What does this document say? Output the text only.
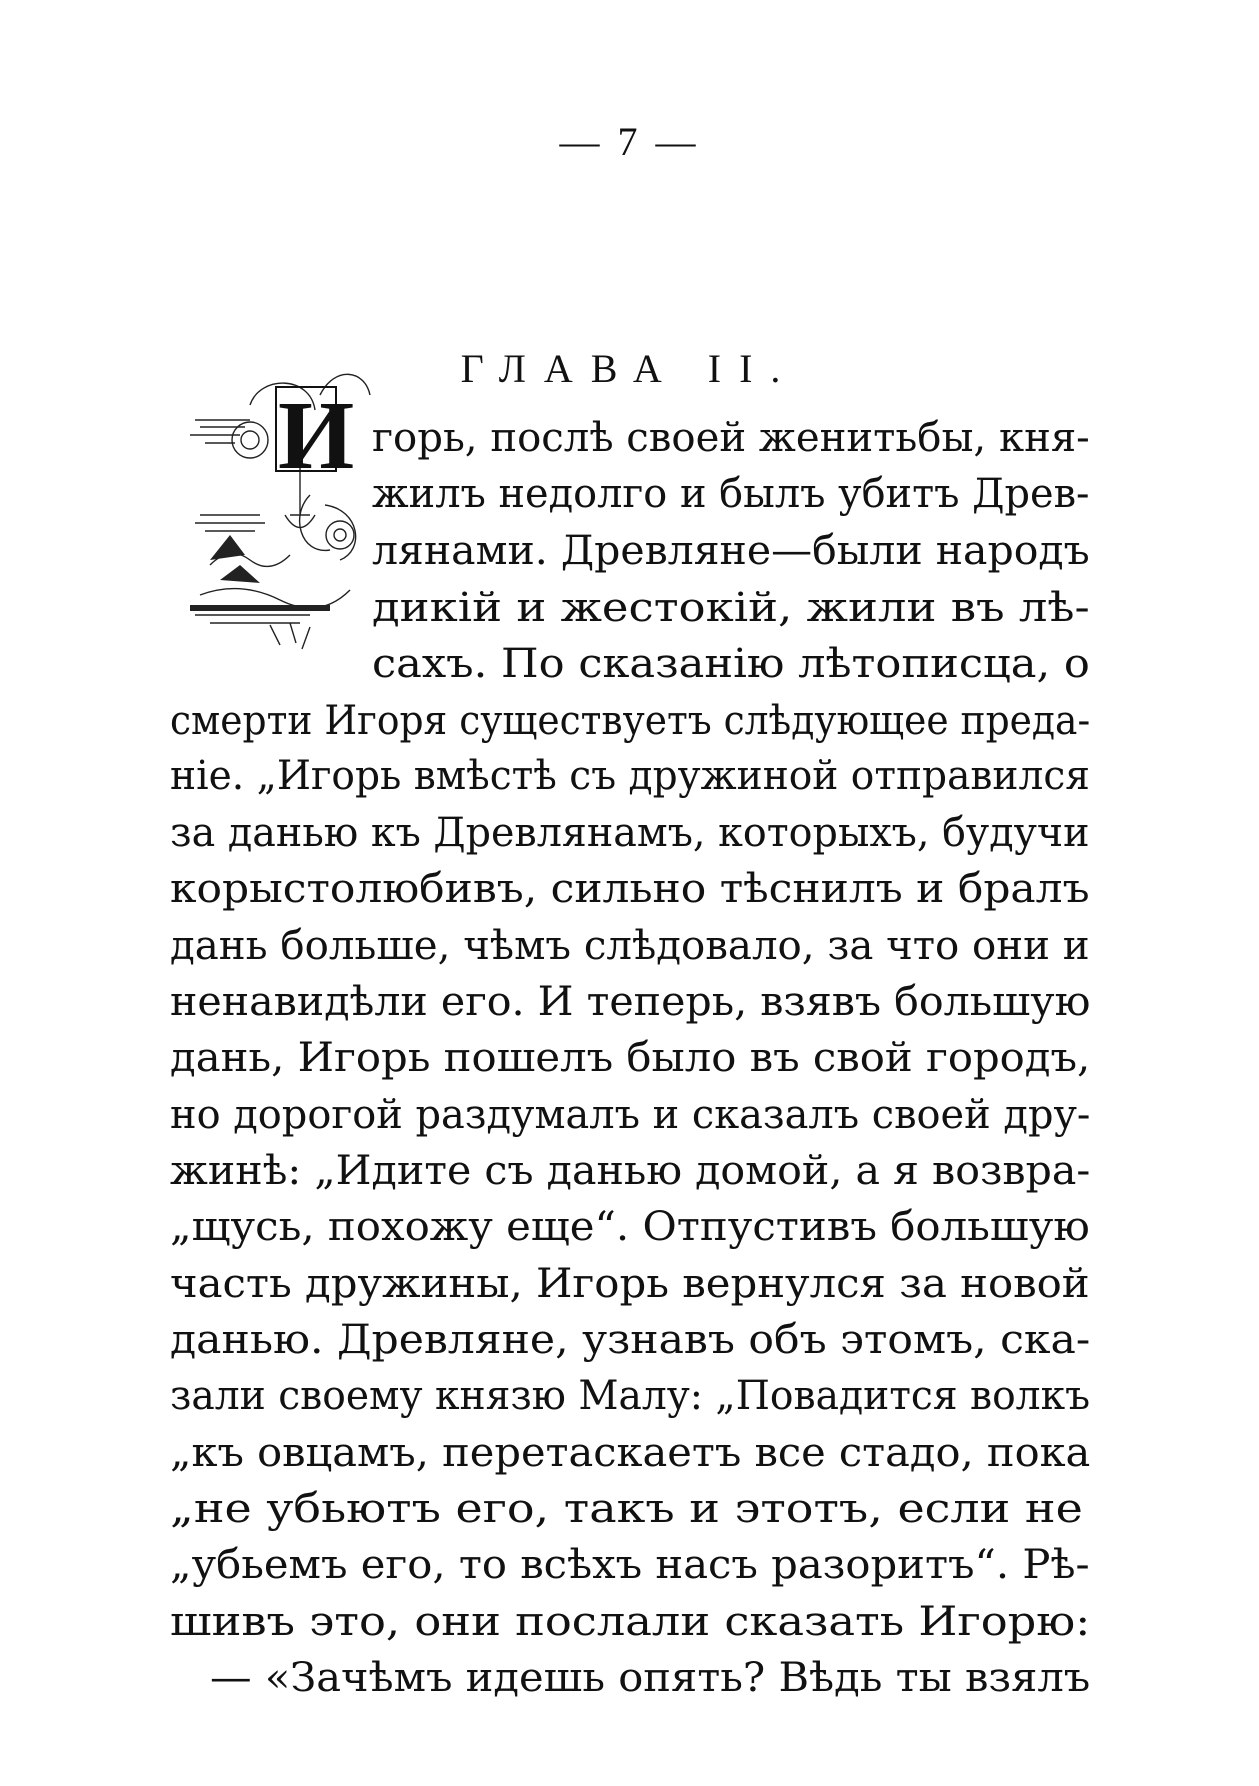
— 7 —
ГЛАВА II.
И горь, послѣ своей женитьбы, кня-
жилъ недолго и былъ убитъ Древ-
лянами. Древляне—были народъ
дикій и жестокій, жили въ лѣ-
сахъ. По сказанію лѣтописца, о
смерти Игоря существуетъ слѣдующее преда-
ніе. „Игорь вмѣстѣ съ дружиной отправился
за данью къ Древлянамъ, которыхъ, будучи
корыстолюбивъ, сильно тѣснилъ и бралъ
дань больше, чѣмъ слѣдовало, за что они и
ненавидѣли его. И теперь, взявъ большую
дань, Игорь пошелъ было въ свой городъ,
но дорогой раздумалъ и сказалъ своей дру-
жинѣ: „Идите съ данью домой, а я возвра-
„щусь, похожу еще“. Отпустивъ большую
часть дружины, Игорь вернулся за новой
данью. Древляне, узнавъ объ этомъ, ска-
зали своему князю Малу: „Повадится волкъ
„къ овцамъ, перетаскаетъ все стадо, пока
„не убьютъ его, такъ и этотъ, если не
„убьемъ его, то всѣхъ насъ разоритъ“. Рѣ-
шивъ это, они послали сказать Игорю:
— «Зачѣмъ идешь опять? Вѣдь ты взялъ
